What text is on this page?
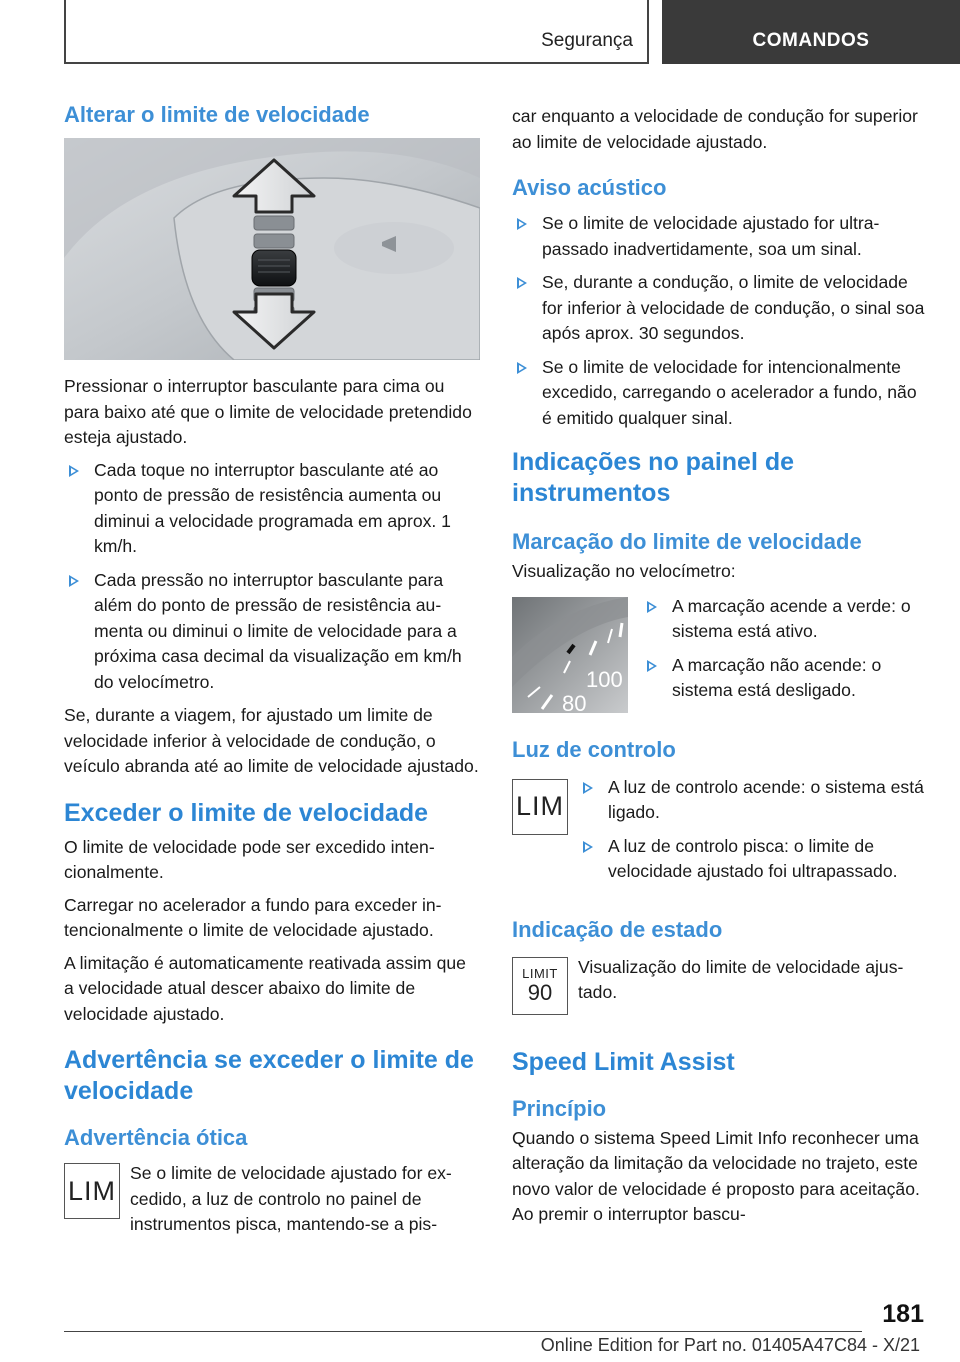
Segurança	COMANDOS
Alterar o limite de velocidade

Pressionar o interruptor basculante para cima ou para baixo até que o limite de velocidade pretendido esteja ajustado.

Cada toque no interruptor basculante até ao ponto de pressão de resistência aumenta ou diminui a velocidade programada em aprox. 1 km/h.
Cada pressão no interruptor basculante para além do ponto de pressão de resistência aumenta ou diminui o limite de velocidade para a próxima casa decimal da visualização em km/h do velocímetro.

Se, durante a viagem, for ajustado um limite de velocidade inferior à velocidade de condução, o veículo abranda até ao limite de velocidade ajustado.

Exceder o limite de velocidade

O limite de velocidade pode ser excedido intencionalmente.

Carregar no acelerador a fundo para exceder intencionalmente o limite de velocidade ajustado.

A limitação é automaticamente reativada assim que a velocidade atual descer abaixo do limite de velocidade ajustado.

Advertência se exceder o limite de velocidade
Advertência ótica
LIM

Se o limite de velocidade ajustado for excedido, a luz de controlo no painel de instrumentos pisca, mantendo-se a pis-

car enquanto a velocidade de condução for superior ao limite de velocidade ajustado.

Aviso acústico
Se o limite de velocidade ajustado for ultrapassado inadvertidamente, soa um sinal.
Se, durante a condução, o limite de velocidade for inferior à velocidade de condução, o sinal soa após aprox. 30 segundos.
Se o limite de velocidade for intencionalmente excedido, carregando o acelerador a fundo, não é emitido qualquer sinal.
Indicações no painel de instrumentos
Marcação do limite de velocidade

Visualização no velocímetro:

100
80
A marcação acende a verde: o sistema está ativo.
A marcação não acende: o sistema está desligado.
Luz de controlo
LIM
A luz de controlo acende: o sistema está ligado.
A luz de controlo pisca: o limite de velocidade ajustado foi ultrapassado.
Indicação de estado
LIMIT
90

Visualização do limite de velocidade ajustado.

Speed Limit Assist
Princípio

Quando o sistema Speed Limit Info reconhecer uma alteração da limitação da velocidade no trajeto, este novo valor de velocidade é proposto para aceitação. Ao premir o interruptor bascu-

181
Online Edition for Part no. 01405A47C84 - X/21
